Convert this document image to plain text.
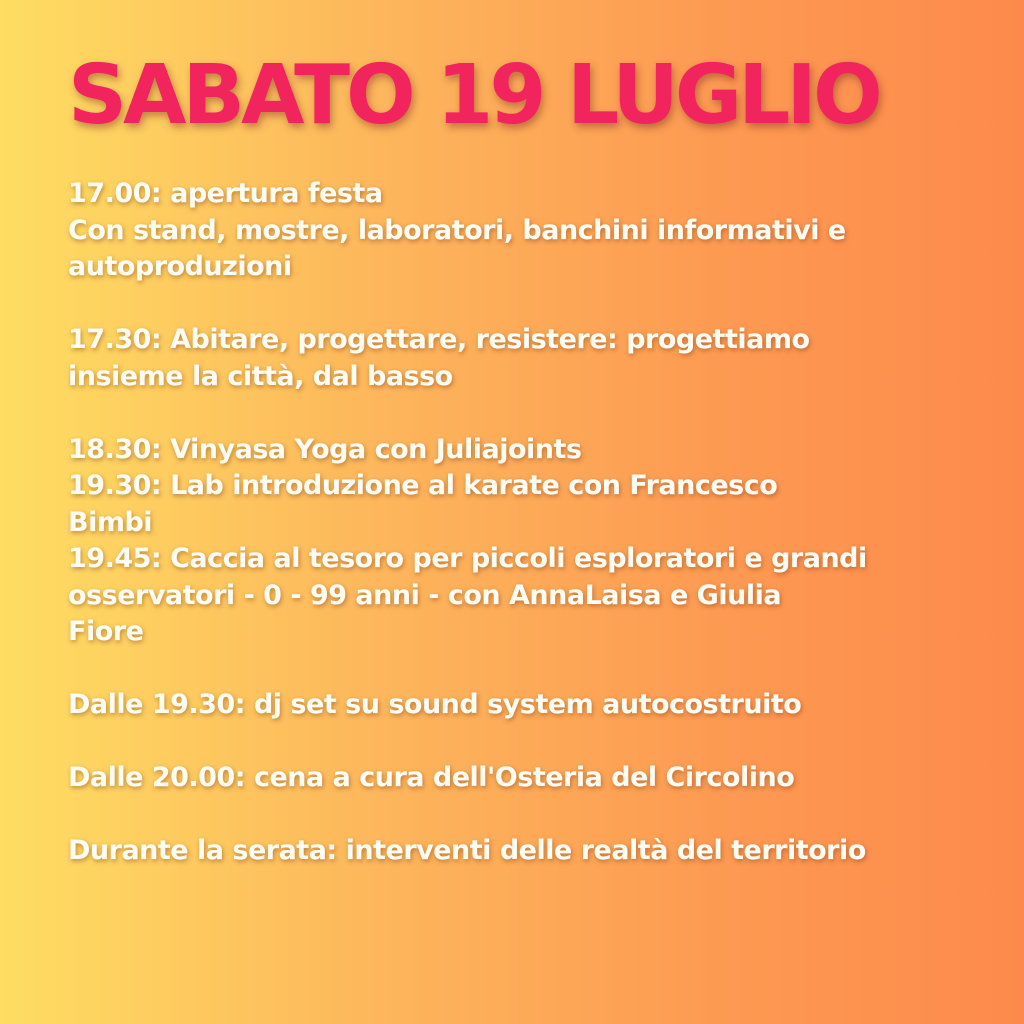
SABATO 19 LUGLIO
17.00: apertura festa
Con stand, mostre, laboratori, banchini informativi e
autoproduzioni
17.30: Abitare, progettare, resistere: progettiamo
insieme la città, dal basso
18.30: Vinyasa Yoga con Juliajoints
19.30: Lab introduzione al karate con Francesco
Bimbi
19.45: Caccia al tesoro per piccoli esploratori e grandi
osservatori - 0 - 99 anni - con AnnaLaisa e Giulia
Fiore
Dalle 19.30: dj set su sound system autocostruito
Dalle 20.00: cena a cura dell'Osteria del Circolino
Durante la serata: interventi delle realtà del territorio
